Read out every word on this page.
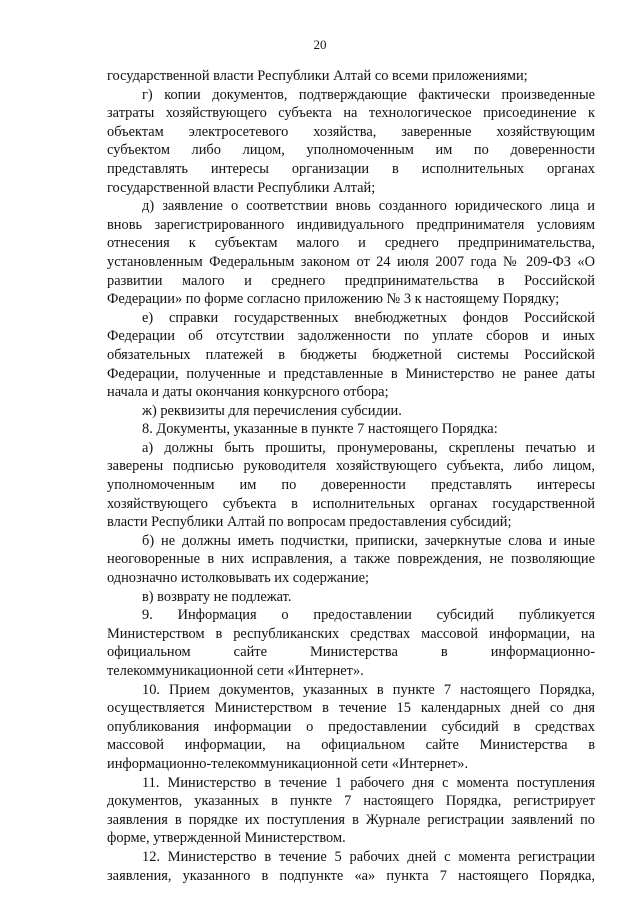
20
государственной власти Республики Алтай со всеми приложениями;
г) копии документов, подтверждающие фактически произведенные
затраты хозяйствующего субъекта на технологическое присоединение к
объектам электросетевого хозяйства, заверенные хозяйствующим
субъектом либо лицом, уполномоченным им по доверенности
представлять интересы организации в исполнительных органах
государственной власти Республики Алтай;
д) заявление о соответствии вновь созданного юридического лица и
вновь зарегистрированного индивидуального предпринимателя условиям
отнесения к субъектам малого и среднего предпринимательства,
установленным Федеральным законом от 24 июля 2007 года № 209-ФЗ «О
развитии малого и среднего предпринимательства в Российской
Федерации» по форме согласно приложению № 3 к настоящему Порядку;
е) справки государственных внебюджетных фондов Российской
Федерации об отсутствии задолженности по уплате сборов и иных
обязательных платежей в бюджеты бюджетной системы Российской
Федерации, полученные и представленные в Министерство не ранее даты
начала и даты окончания конкурсного отбора;
ж) реквизиты для перечисления субсидии.
8. Документы, указанные в пункте 7 настоящего Порядка:
а) должны быть прошиты, пронумерованы, скреплены печатью и
заверены подписью руководителя хозяйствующего субъекта, либо лицом,
уполномоченным им по доверенности представлять интересы
хозяйствующего субъекта в исполнительных органах государственной
власти Республики Алтай по вопросам предоставления субсидий;
б) не должны иметь подчистки, приписки, зачеркнутые слова и иные
неоговоренные в них исправления, а также повреждения, не позволяющие
однозначно истолковывать их содержание;
в) возврату не подлежат.
9. Информация о предоставлении субсидий публикуется
Министерством в республиканских средствах массовой информации, на
официальном сайте Министерства в информационно-
телекоммуникационной сети «Интернет».
10. Прием документов, указанных в пункте 7 настоящего Порядка,
осуществляется Министерством в течение 15 календарных дней со дня
опубликования информации о предоставлении субсидий в средствах
массовой информации, на официальном сайте Министерства в
информационно-телекоммуникационной сети «Интернет».
11. Министерство в течение 1 рабочего дня с момента поступления
документов, указанных в пункте 7 настоящего Порядка, регистрирует
заявления в порядке их поступления в Журнале регистрации заявлений по
форме, утвержденной Министерством.
12. Министерство в течение 5 рабочих дней с момента регистрации
заявления, указанного в подпункте «а» пункта 7 настоящего Порядка,
